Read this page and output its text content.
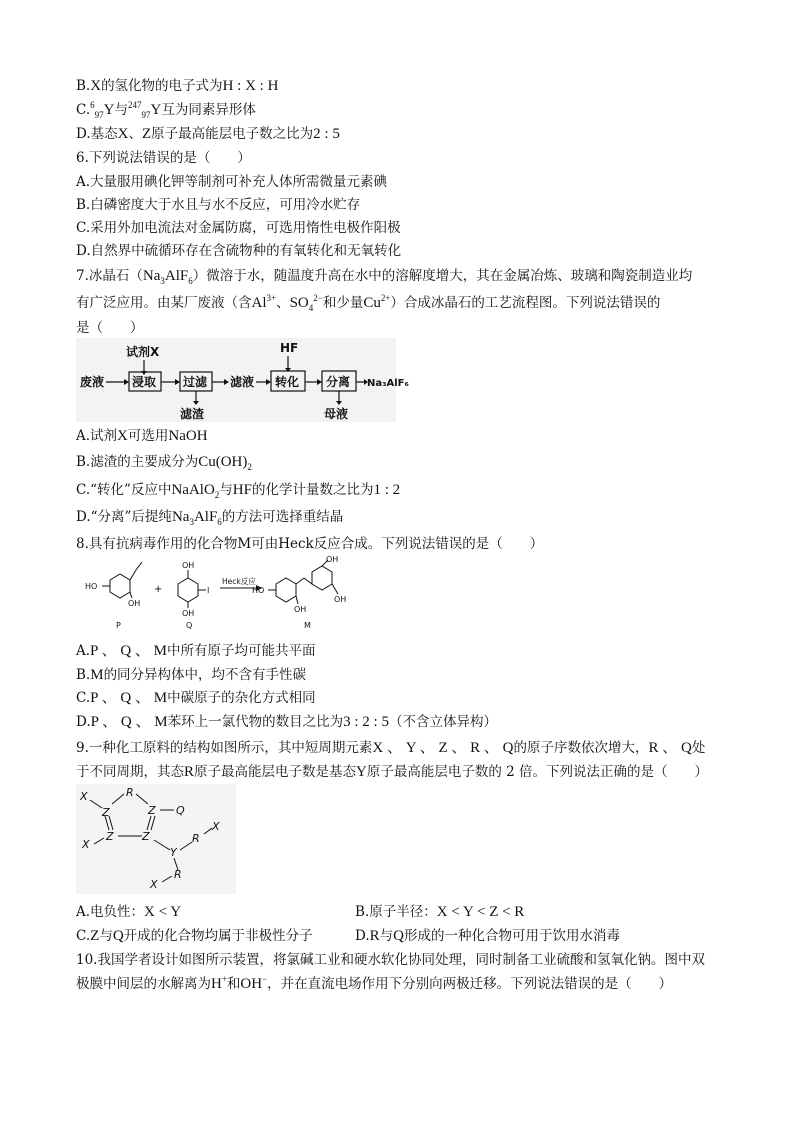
B.X的氢化物的电子式为H : X : H
C.$^6_{97}$Y与$^{247}_{97}$Y互为同素异形体
D.基态X、Z原子最高能层电子数之比为2 : 5
6.下列说法错误的是（　　）
A.大量服用碘化钾等制剂可补充人体所需微量元素碘
B.白磷密度大于水且与水不反应，可用冷水贮存
C.采用外加电流法对金属防腐，可选用惰性电极作阳极
D.自然界中硫循环存在含硫物种的有氧转化和无氧转化
7.冰晶石$(Na_3AlF_6)$微溶于水，随温度升高在水中的溶解度增大，其在金属冶炼、玻璃和陶瓷制造业均
有广泛应用。由某厂废液（含$Al^{3+}$、$SO_4^{2-}$和少量$Cu^{2+}$）合成冰晶石的工艺流程图。下列说法错误的
是（　　）
废液
试剂X
浸取 过滤
滤渣
滤液
HF
转化 分离
母液
Na₃AlF₆
A.试剂X可选用NaOH
B.滤渣的主要成分为$Cu(OH)_2$
C.“转化”反应中NaAlO$_2$与HF的化学计量数之比为1 : 2
D.“分离”后提纯$Na_3AlF_6$的方法可选择重结晶
8.具有抗病毒作用的化合物M可由Heck反应合成。下列说法错误的是（　　）
HO
OH
+
OH
OH
I
Heck反应
HO
OH
OH
OH
P	Q	M
A.P 、 Q 、 M中所有原子均可能共平面
B.M的同分异构体中，均不含有手性碳
C.P 、 Q 、 M中碳原子的杂化方式相同
D.P 、 Q 、 M苯环上一氯代物的数目之比为3 : 2 : 5（不含立体异构）
9.一种化工原料的结构如图所示，其中短周期元素X 、 Y 、 Z 、 R 、 Q的原子序数依次增大，R 、 Q处
于不同周期，其态R原子最高能层电子数是基态Y原子最高能层电子数的 2 倍。下列说法正确的是（　　）
X
Z
R
Z Q
Z	Z
X
Y
R
X
R
X
A.电负性：X < Y	B.原子半径：X < Y < Z < R
C.Z与Q开成的化合物均属于非极性分子	D.R与Q形成的一种化合物可用于饮用水消毒
10.我国学者设计如图所示装置，将氯碱工业和硬水软化协同处理，同时制备工业硫酸和氢氧化钠。图中双
极膜中间层的水解离为H+和OH−，并在直流电场作用下分别向两极迁移。下列说法错误的是（　　）
